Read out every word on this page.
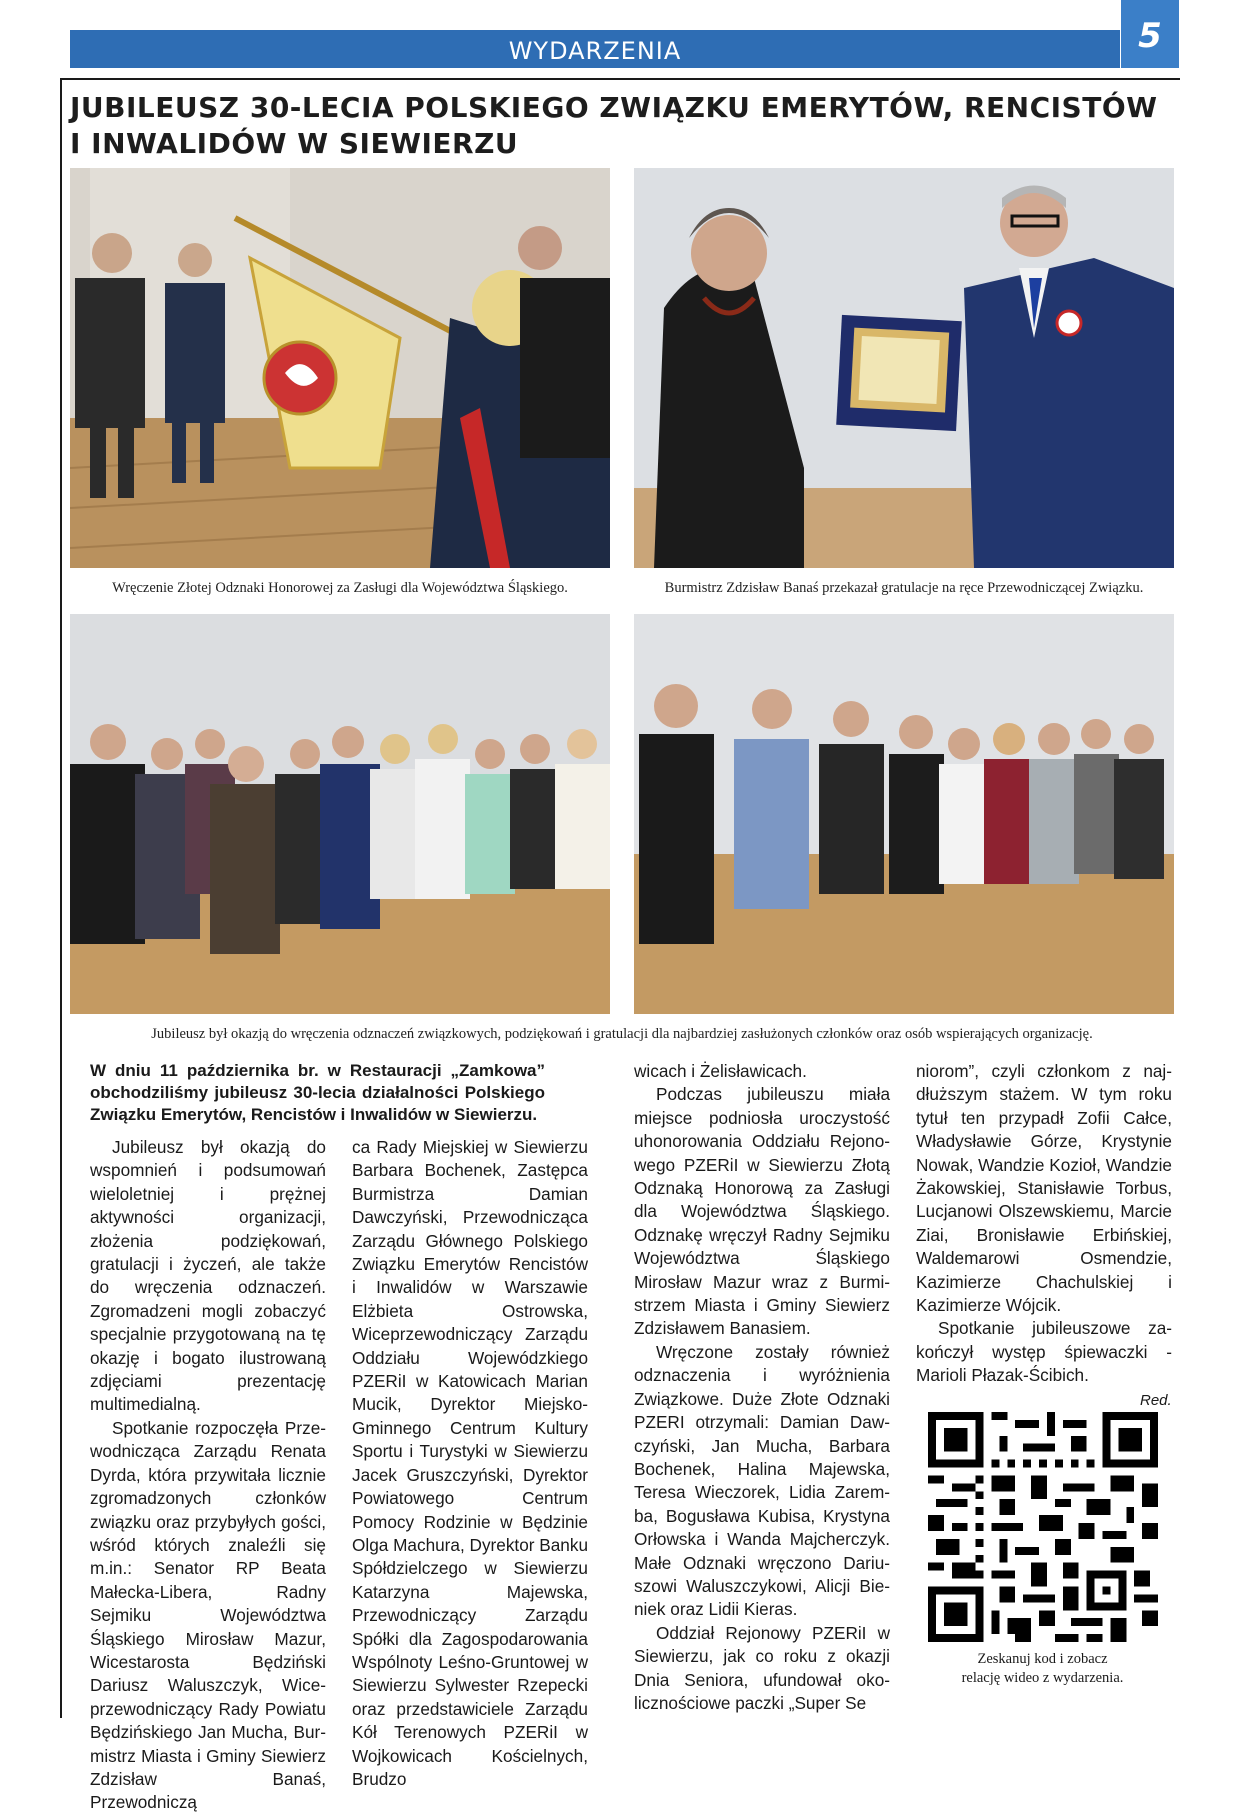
WYDARZENIA	5
JUBILEUSZ 30-LECIA POLSKIEGO ZWIĄZKU EMERYTÓW, RENCISTÓW I INWALIDÓW W SIEWIERZU
Wręczenie Złotej Odznaki Honorowej za Zasługi dla Województwa Śląskiego.	Burmistrz Zdzisław Banaś przekazał gratulacje na ręce Przewodniczącej Związku.
Jubileusz był okazją do wręczenia odznaczeń związkowych, podziękowań i gratulacji dla najbardziej zasłużonych członków oraz osób wspierających organizację.

W dniu 11 października br. w Restauracji „Zamkowa” obchodziliśmy jubileusz 30-lecia działalności Polskiego Związku Emerytów, Rencistów i Inwalidów w Siewierzu.

Jubileusz był okazją do wspomnień i podsumowań wieloletniej i prężnej aktywności organizacji, złożenia podziękowań, gratulacji i życzeń, ale także do wręczenia odznaczeń. Zgromadzeni mogli zobaczyć specjalnie przygotowaną na tę okazję i bogato ilustrowaną zdjęciami prezentację multimedialną.

Spotkanie rozpoczęła Przewodnicząca Zarządu Renata Dyrda, która przywitała licznie zgromadzonych członków związku oraz przybyłych gości, wśród których znaleźli się m.in.: Senator RP Beata Małecka-Libera, Radny Sejmiku Województwa Śląskiego Mirosław Mazur, Wicestarosta Będziński Dariusz Waluszczyk, Wiceprzewodniczący Rady Powiatu Będzińskiego Jan Mucha, Burmistrz Miasta i Gminy Siewierz Zdzisław Banaś, Przewodniczą

ca Rady Miejskiej w Siewierzu Barbara Bochenek, Zastępca Burmistrza Damian Dawczyński, Przewodnicząca Zarządu Głównego Polskiego Związku Emerytów Rencistów i Inwalidów w Warszawie Elżbieta Ostrowska, Wiceprzewodniczący Zarządu Oddziału Wojewódzkiego PZERiI w Katowicach Marian Mucik, Dyrektor Miejsko-Gminnego Centrum Kultury Sportu i Turystyki w Siewierzu Jacek Gruszczyński, Dyrektor Powiatowego Centrum Pomocy Rodzinie w Będzinie Olga Machura, Dyrektor Banku Spółdzielczego w Siewierzu Katarzyna Majewska, Przewodniczący Zarządu Spółki dla Zagospodarowania Wspólnoty Leśno-Gruntowej w Siewierzu Sylwester Rzepecki oraz przedstawiciele Zarządu Kół Terenowych PZERiI w Wojkowicach Kościelnych, Brudzo

wicach i Żelisławicach.

Podczas jubileuszu miała miejsce podniosła uroczystość uhonorowania Oddziału Rejonowego PZERiI w Siewierzu Złotą Odznaką Honorową za Zasługi dla Województwa Śląskiego. Odznakę wręczył Radny Sejmiku Województwa Śląskiego Mirosław Mazur wraz z Burmistrzem Miasta i Gminy Siewierz Zdzisławem Banasiem.

Wręczone zostały również odznaczenia i wyróżnienia Związkowe. Duże Złote Odznaki PZERI otrzymali: Damian Dawczyński, Jan Mucha, Barbara Bochenek, Halina Majewska, Teresa Wieczorek, Lidia Zaremba, Bogusława Kubisa, Krystyna Orłowska i Wanda Majcherczyk. Małe Odznaki wręczono Dariuszowi Waluszczykowi, Alicji Bieniek oraz Lidii Kieras.

Oddział Rejonowy PZERiI w Siewierzu, jak co roku z okazji Dnia Seniora, ufundował okolicznościowe paczki „Super Se

niorom”, czyli członkom z najdłuższym stażem. W tym roku tytuł ten przypadł Zofii Całce, Władysławie Górze, Krystynie Nowak, Wandzie Kozioł, Wandzie Żakowskiej, Stanisławie Torbus, Lucjanowi Olszewskiemu, Marcie Ziai, Bronisławie Erbińskiej, Waldemarowi Osmendzie, Kazimierze Chachulskiej i Kazimierze Wójcik.

Spotkanie jubileuszowe zakończył występ śpiewaczki - Marioli Płazak-Ścibich.

Red.
Zeskanuj kod i zobacz
relację wideo z wydarzenia.
